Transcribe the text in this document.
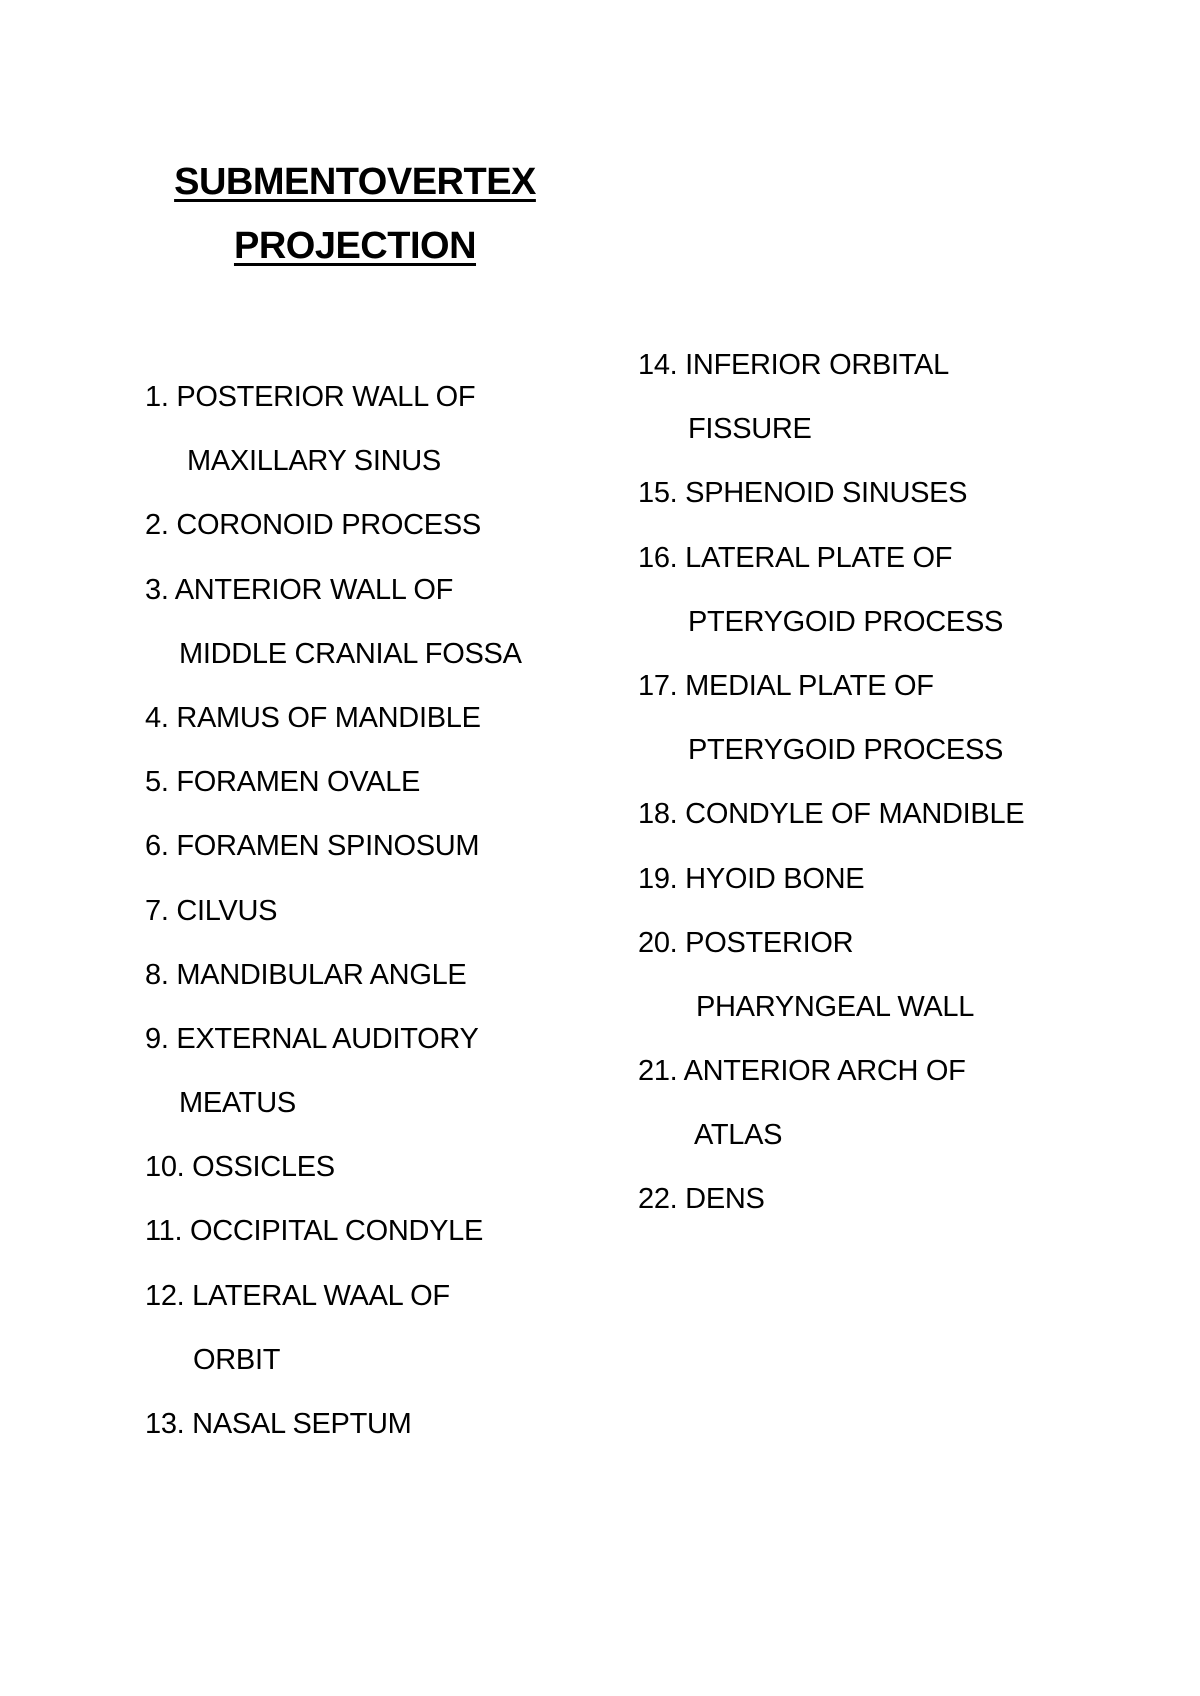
SUBMENTOVERTEX
PROJECTION
1. POSTERIOR WALL OF
MAXILLARY SINUS
2. CORONOID PROCESS
3. ANTERIOR WALL OF
MIDDLE CRANIAL FOSSA
4. RAMUS OF MANDIBLE
5. FORAMEN OVALE
6. FORAMEN SPINOSUM
7. CILVUS
8. MANDIBULAR ANGLE
9. EXTERNAL AUDITORY
MEATUS
10. OSSICLES
11. OCCIPITAL CONDYLE
12. LATERAL WAAL OF
ORBIT
13. NASAL SEPTUM
14. INFERIOR ORBITAL
FISSURE
15. SPHENOID SINUSES
16. LATERAL PLATE OF
PTERYGOID PROCESS
17. MEDIAL PLATE OF
PTERYGOID PROCESS
18. CONDYLE OF MANDIBLE
19. HYOID BONE
20. POSTERIOR
PHARYNGEAL WALL
21. ANTERIOR ARCH OF
ATLAS
22. DENS
